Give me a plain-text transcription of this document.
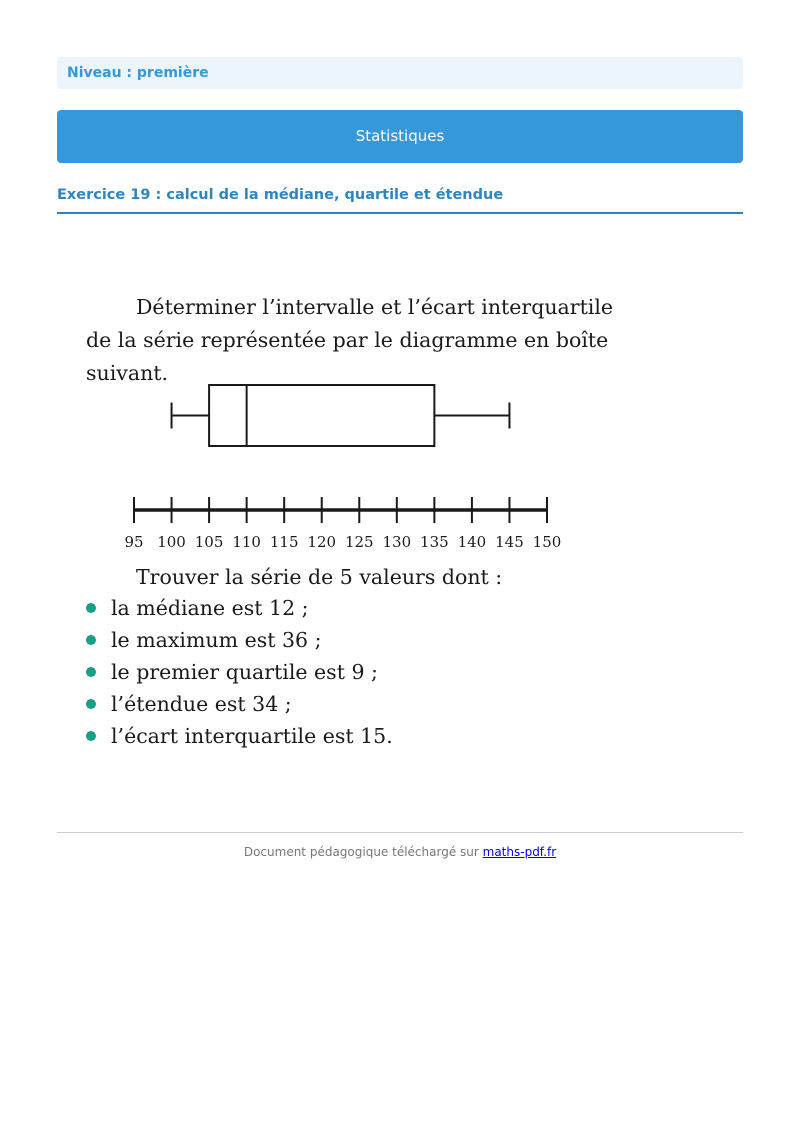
Niveau : première
Statistiques
Exercice 19 : calcul de la médiane, quartile et étendue
Déterminer l’intervalle et l’écart interquartile de la série représentée par le diagramme en boîte suivant.
95 100 105 110 115 120 125 130 135 140 145 150
Trouver la série de 5 valeurs dont :
la médiane est 12 ;
le maximum est 36 ;
le premier quartile est 9 ;
l’étendue est 34 ;
l’écart interquartile est 15.
Document pédagogique téléchargé sur maths-pdf.fr
